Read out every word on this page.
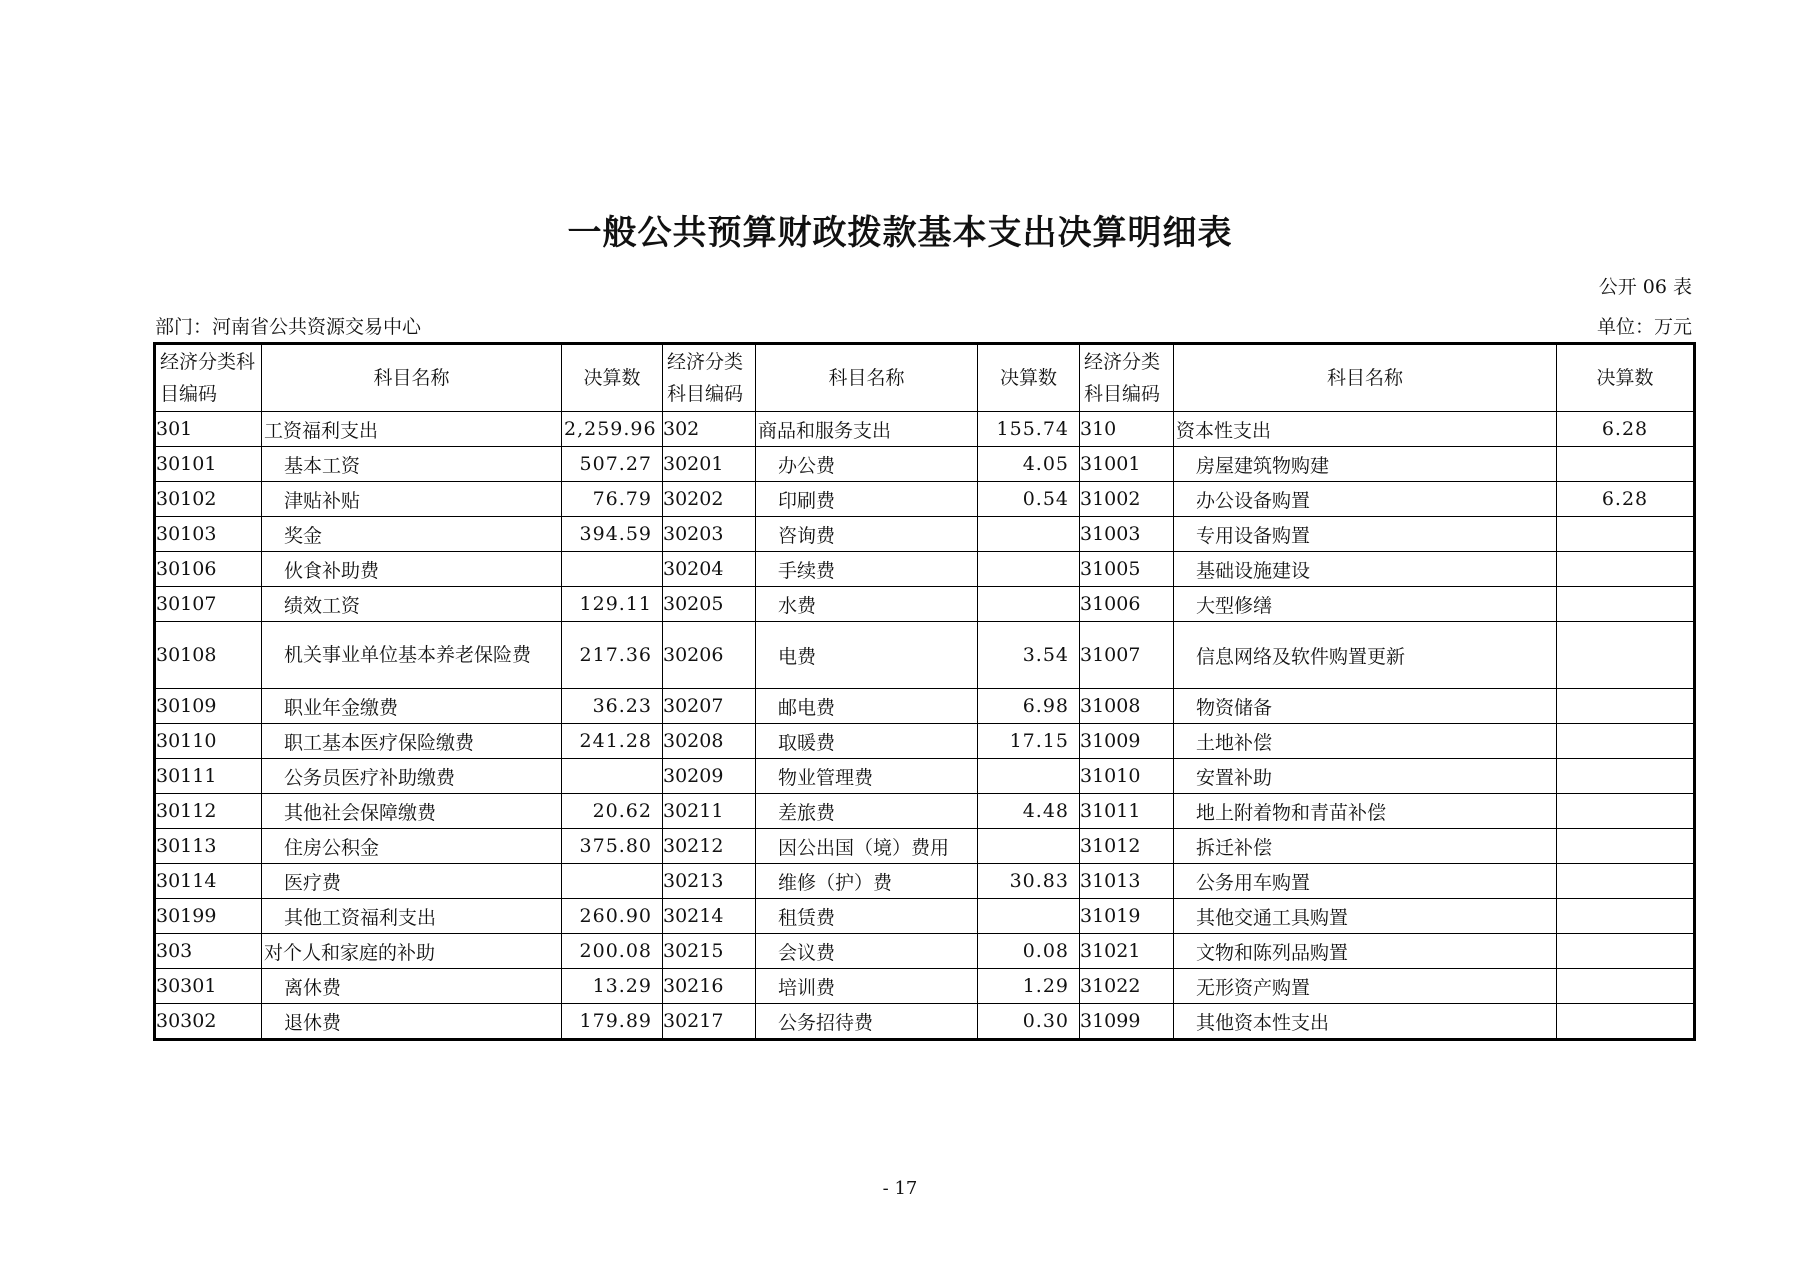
一般公共预算财政拨款基本支出决算明细表
公开 06 表
部门：河南省公共资源交易中心	单位：万元
经济分类科目编码	科目名称	决算数	经济分类科目编码	科目名称	决算数	经济分类科目编码	科目名称	决算数
301	工资福利支出	2,259.96	302	商品和服务支出	155.74	310	资本性支出	6.28
30101	基本工资	507.27	30201	办公费	4.05	31001	房屋建筑物购建	
30102	津贴补贴	76.79	30202	印刷费	0.54	31002	办公设备购置	6.28
30103	奖金	394.59	30203	咨询费		31003	专用设备购置	
30106	伙食补助费		30204	手续费		31005	基础设施建设	
30107	绩效工资	129.11	30205	水费		31006	大型修缮	
30108	机关事业单位基本养老保险费	217.36	30206	电费	3.54	31007	信息网络及软件购置更新	
30109	职业年金缴费	36.23	30207	邮电费	6.98	31008	物资储备	
30110	职工基本医疗保险缴费	241.28	30208	取暖费	17.15	31009	土地补偿	
30111	公务员医疗补助缴费		30209	物业管理费		31010	安置补助	
30112	其他社会保障缴费	20.62	30211	差旅费	4.48	31011	地上附着物和青苗补偿	
30113	住房公积金	375.80	30212	因公出国（境）费用		31012	拆迁补偿	
30114	医疗费		30213	维修（护）费	30.83	31013	公务用车购置	
30199	其他工资福利支出	260.90	30214	租赁费		31019	其他交通工具购置	
303	对个人和家庭的补助	200.08	30215	会议费	0.08	31021	文物和陈列品购置	
30301	离休费	13.29	30216	培训费	1.29	31022	无形资产购置	
30302	退休费	179.89	30217	公务招待费	0.30	31099	其他资本性支出	
- 17
